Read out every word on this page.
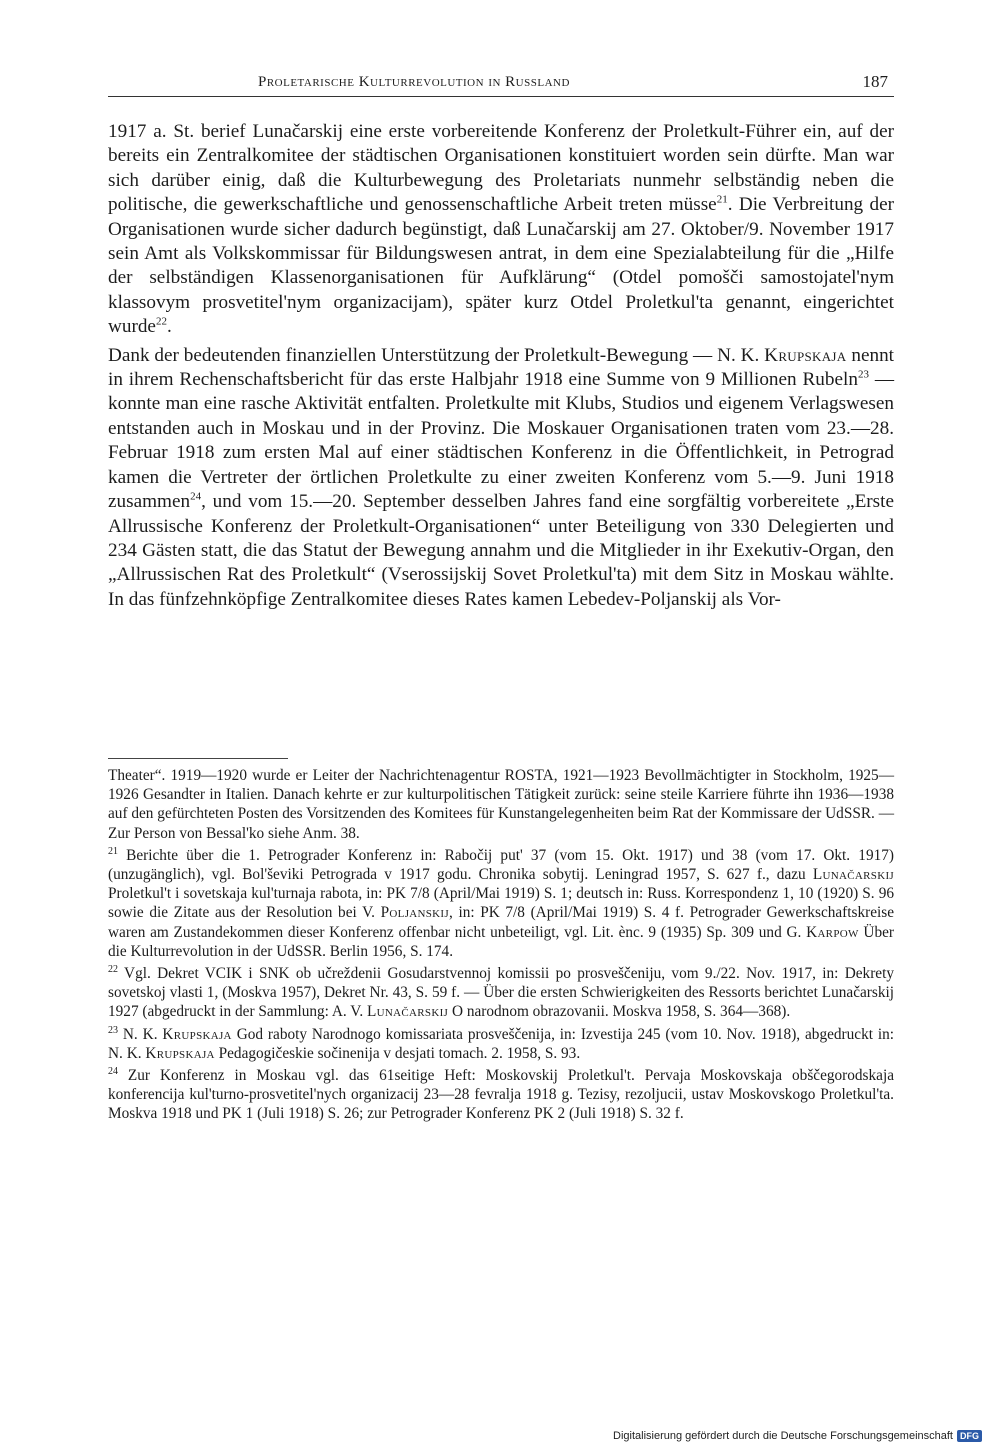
Proletarische Kulturrevolution in Russland	187

1917 a. St. berief Lunačarskij eine erste vorbereitende Konferenz der Proletkult-Führer ein, auf der bereits ein Zentralkomitee der städtischen Organisationen konstituiert worden sein dürfte. Man war sich darüber einig, daß die Kulturbewegung des Proletariats nunmehr selbständig neben die politische, die gewerkschaftliche und genossenschaftliche Arbeit treten müsse$^{21}$. Die Verbreitung der Organisationen wurde sicher dadurch begünstigt, daß Lunačarskij am 27. Oktober/9. November 1917 sein Amt als Volkskommissar für Bildungswesen antrat, in dem eine Spezialabteilung für die „Hilfe der selbständigen Klassenorganisationen für Aufklärung“ (Otdel pomošči samostojatel'nym klassovym prosvetitel'nym organizacijam), später kurz Otdel Proletkul'ta genannt, eingerichtet wurde$^{22}$.

Dank der bedeutenden finanziellen Unterstützung der Proletkult-Bewegung — N. K. Krupskaja nennt in ihrem Rechenschaftsbericht für das erste Halbjahr 1918 eine Summe von 9 Millionen Rubeln$^{23}$ — konnte man eine rasche Aktivität entfalten. Proletkulte mit Klubs, Studios und eigenem Verlagswesen entstanden auch in Moskau und in der Provinz. Die Moskauer Organisationen traten vom 23.—28. Februar 1918 zum ersten Mal auf einer städtischen Konferenz in die Öffentlichkeit, in Petrograd kamen die Vertreter der örtlichen Proletkulte zu einer zweiten Konferenz vom 5.—9. Juni 1918 zusammen$^{24}$, und vom 15.—20. September desselben Jahres fand eine sorgfältig vorbereitete „Erste Allrussische Konferenz der Proletkult-Organisationen“ unter Beteiligung von 330 Delegierten und 234 Gästen statt, die das Statut der Bewegung annahm und die Mitglieder in ihr Exekutiv-Organ, den „Allrussischen Rat des Proletkult“ (Vserossijskij Sovet Proletkul'ta) mit dem Sitz in Moskau wählte. In das fünfzehnköpfige Zentralkomitee dieses Rates kamen Lebedev-Poljanskij als Vor-

Theater“. 1919—1920 wurde er Leiter der Nachrichtenagentur ROSTA, 1921—1923 Bevollmächtigter in Stockholm, 1925—1926 Gesandter in Italien. Danach kehrte er zur kulturpolitischen Tätigkeit zurück: seine steile Karriere führte ihn 1936—1938 auf den gefürchteten Posten des Vorsitzenden des Komitees für Kunstangelegenheiten beim Rat der Kommissare der UdSSR. — Zur Person von Bessal'ko siehe Anm. 38.

$^{21}$ Berichte über die 1. Petrograder Konferenz in: Rabočij put' 37 (vom 15. Okt. 1917) und 38 (vom 17. Okt. 1917) (unzugänglich), vgl. Bol'ševiki Petrograda v 1917 godu. Chronika sobytij. Leningrad 1957, S. 627 f., dazu Lunačarskij Proletkul't i sovetskaja kul'turnaja rabota, in: PK 7/8 (April/Mai 1919) S. 1; deutsch in: Russ. Korrespondenz 1, 10 (1920) S. 96 sowie die Zitate aus der Resolution bei V. Poljanskij, in: PK 7/8 (April/Mai 1919) S. 4 f. Petrograder Gewerkschaftskreise waren am Zustandekommen dieser Konferenz offenbar nicht unbeteiligt, vgl. Lit. ènc. 9 (1935) Sp. 309 und G. Karpow Über die Kulturrevolution in der UdSSR. Berlin 1956, S. 174.

$^{22}$ Vgl. Dekret VCIK i SNK ob učreždenii Gosudarstvennoj komissii po prosveščeniju, vom 9./22. Nov. 1917, in: Dekrety sovetskoj vlasti 1, (Moskva 1957), Dekret Nr. 43, S. 59 f. — Über die ersten Schwierigkeiten des Ressorts berichtet Lunačarskij 1927 (abgedruckt in der Sammlung: A. V. Lunačarskij O narodnom obrazovanii. Moskva 1958, S. 364—368).

$^{23}$ N. K. Krupskaja God raboty Narodnogo komissariata prosveščenija, in: Izvestija 245 (vom 10. Nov. 1918), abgedruckt in: N. K. Krupskaja Pedagogičeskie sočinenija v desjati tomach. 2. 1958, S. 93.

$^{24}$ Zur Konferenz in Moskau vgl. das 61seitige Heft: Moskovskij Proletkul't. Pervaja Moskovskaja obščegorodskaja konferencija kul'turno-prosvetitel'nych organizacij 23—28 fevralja 1918 g. Tezisy, rezoljucii, ustav Moskovskogo Proletkul'ta. Moskva 1918 und PK 1 (Juli 1918) S. 26; zur Petrograder Konferenz PK 2 (Juli 1918) S. 32 f.

Digitalisierung gefördert durch die Deutsche Forschungsgemeinschaft DFG
